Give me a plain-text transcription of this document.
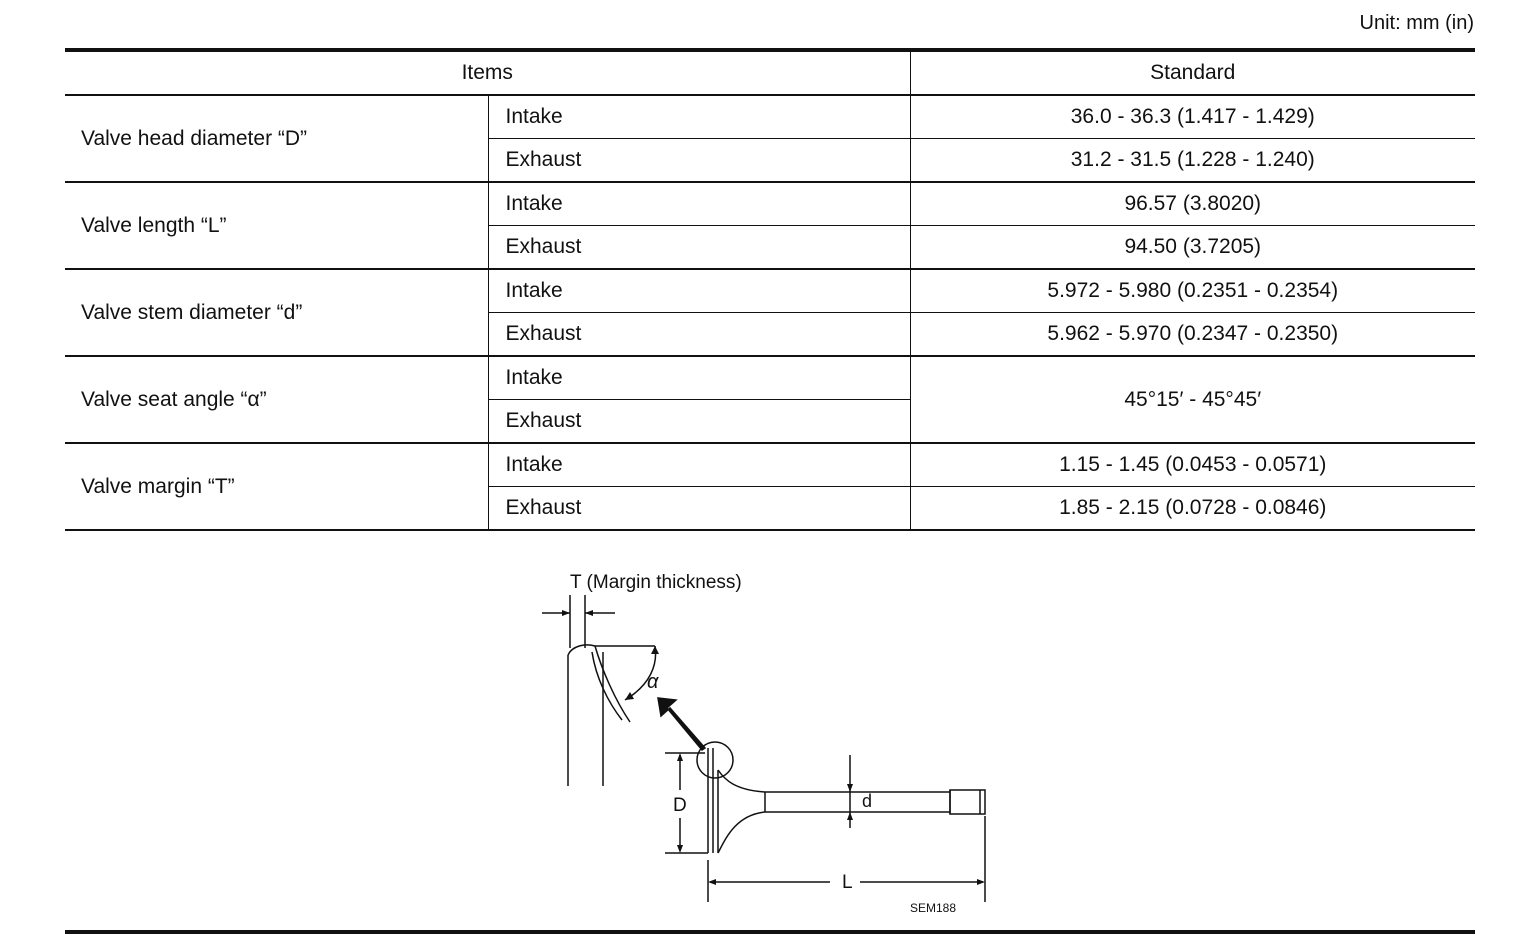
Unit: mm (in)
Items		Standard
Valve head diameter “D”	Intake	36.0 - 36.3 (1.417 - 1.429)
	Exhaust	31.2 - 31.5 (1.228 - 1.240)
Valve length “L”	Intake	96.57 (3.8020)
	Exhaust	94.50 (3.7205)
Valve stem diameter “d”	Intake	5.972 - 5.980 (0.2351 - 0.2354)
	Exhaust	5.962 - 5.970 (0.2347 - 0.2350)
Valve seat angle “α”	Intake	45°15′ - 45°45′
	Exhaust	
Valve margin “T”	Intake	1.15 - 1.45 (0.0453 - 0.0571)
	Exhaust	1.85 - 2.15 (0.0728 - 0.0846)
T (Margin thickness)
α
D	d
L
SEM188
